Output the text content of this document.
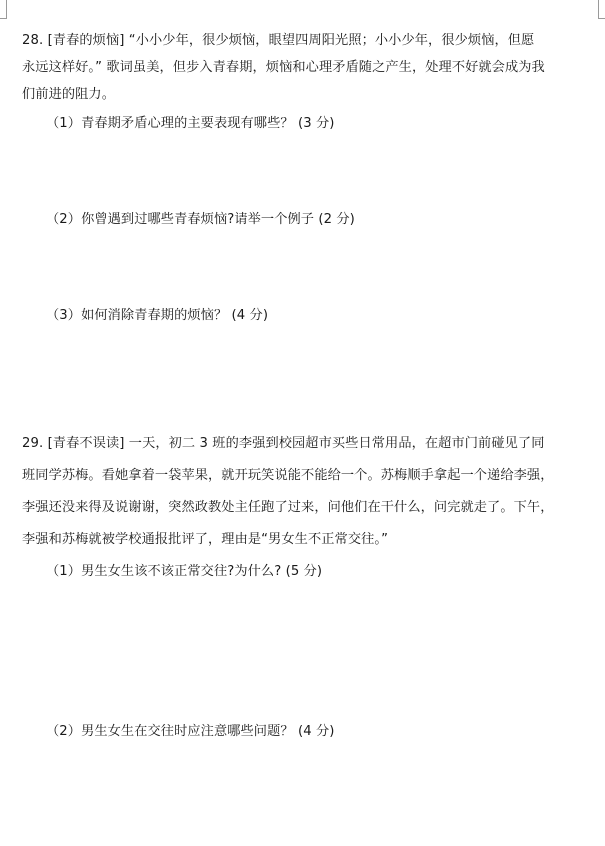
28. [青春的烦恼] “小小少年，很少烦恼，眼望四周阳光照；小小少年，很少烦恼，但愿
永远这样好。” 歌词虽美，但步入青春期，烦恼和心理矛盾随之产生，处理不好就会成为我
们前进的阻力。
（1）青春期矛盾心理的主要表现有哪些？ (3 分)
（2）你曾遇到过哪些青春烦恼?请举一个例子 (2 分)
（3）如何消除青春期的烦恼？ (4 分)
29. [青春不误读] 一天，初二 3 班的李强到校园超市买些日常用品，在超市门前碰见了同
班同学苏梅。看她拿着一袋苹果，就开玩笑说能不能给一个。苏梅顺手拿起一个递给李强，
李强还没来得及说谢谢，突然政教处主任跑了过来，问他们在干什么，问完就走了。下午，
李强和苏梅就被学校通报批评了，理由是“男女生不正常交往。”
（1）男生女生该不该正常交往?为什么? (5 分)
（2）男生女生在交往时应注意哪些问题？ (4 分)
